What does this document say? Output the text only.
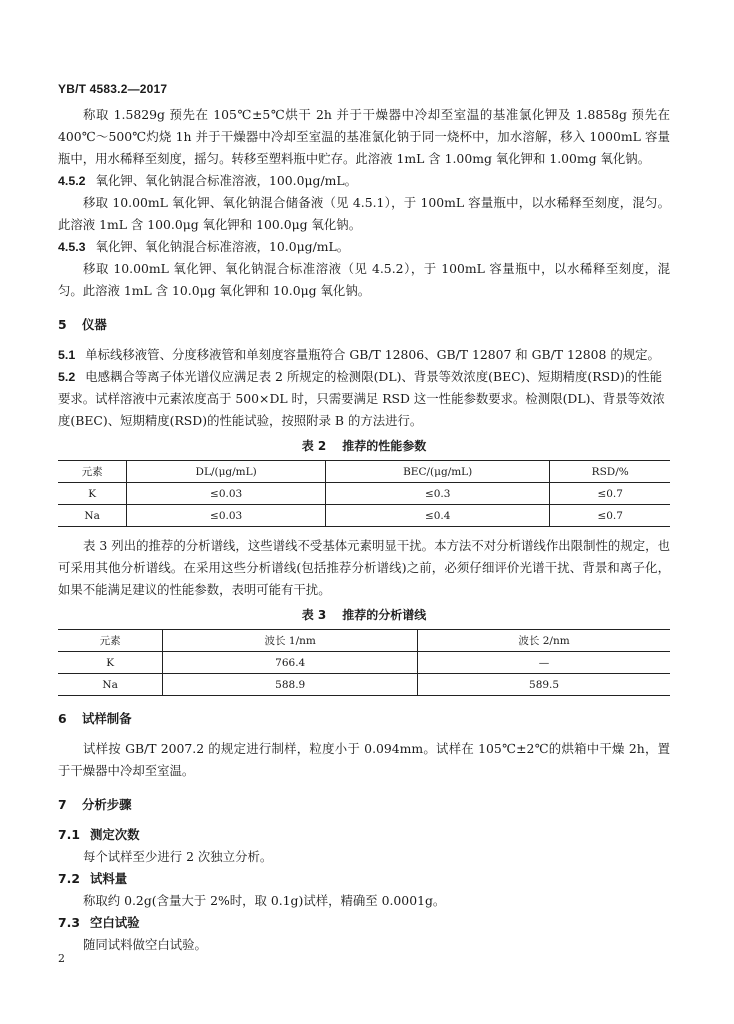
YB/T 4583.2—2017

称取 1.5829g 预先在 105℃±5℃烘干 2h 并于干燥器中冷却至室温的基准氯化钾及 1.8858g 预先在 400℃～500℃灼烧 1h 并于干燥器中冷却至室温的基准氯化钠于同一烧杯中，加水溶解，移入 1000mL 容量瓶中，用水稀释至刻度，摇匀。转移至塑料瓶中贮存。此溶液 1mL 含 1.00mg 氧化钾和 1.00mg 氧化钠。

4.5.2 氧化钾、氧化钠混合标准溶液，100.0μg/mL。

移取 10.00mL 氧化钾、氧化钠混合储备液（见 4.5.1），于 100mL 容量瓶中，以水稀释至刻度，混匀。此溶液 1mL 含 100.0μg 氧化钾和 100.0μg 氧化钠。

4.5.3 氧化钾、氧化钠混合标准溶液，10.0μg/mL。

移取 10.00mL 氧化钾、氧化钠混合标准溶液（见 4.5.2），于 100mL 容量瓶中，以水稀释至刻度，混匀。此溶液 1mL 含 10.0μg 氧化钾和 10.0μg 氧化钠。

5 仪器

5.1 单标线移液管、分度移液管和单刻度容量瓶符合 GB/T 12806、GB/T 12807 和 GB/T 12808 的规定。

5.2 电感耦合等离子体光谱仪应满足表 2 所规定的检测限(DL)、背景等效浓度(BEC)、短期精度(RSD)的性能要求。试样溶液中元素浓度高于 500×DL 时，只需要满足 RSD 这一性能参数要求。检测限(DL)、背景等效浓度(BEC)、短期精度(RSD)的性能试验，按照附录 B 的方法进行。

表 2 推荐的性能参数
元素	DL/(μg/mL)	BEC/(μg/mL)	RSD/%
K	≤0.03	≤0.3	≤0.7
Na	≤0.03	≤0.4	≤0.7

表 3 列出的推荐的分析谱线，这些谱线不受基体元素明显干扰。本方法不对分析谱线作出限制性的规定，也可采用其他分析谱线。在采用这些分析谱线(包括推荐分析谱线)之前，必须仔细评价光谱干扰、背景和离子化，如果不能满足建议的性能参数，表明可能有干扰。

表 3 推荐的分析谱线
元素	波长 1/nm	波长 2/nm
K	766.4	—
Na	588.9	589.5

6 试样制备

试样按 GB/T 2007.2 的规定进行制样，粒度小于 0.094mm。试样在 105℃±2℃的烘箱中干燥 2h，置于干燥器中冷却至室温。

7 分析步骤

7.1 测定次数

每个试样至少进行 2 次独立分析。

7.2 试料量

称取约 0.2g(含量大于 2%时，取 0.1g)试样，精确至 0.0001g。

7.3 空白试验

随同试料做空白试验。

2
